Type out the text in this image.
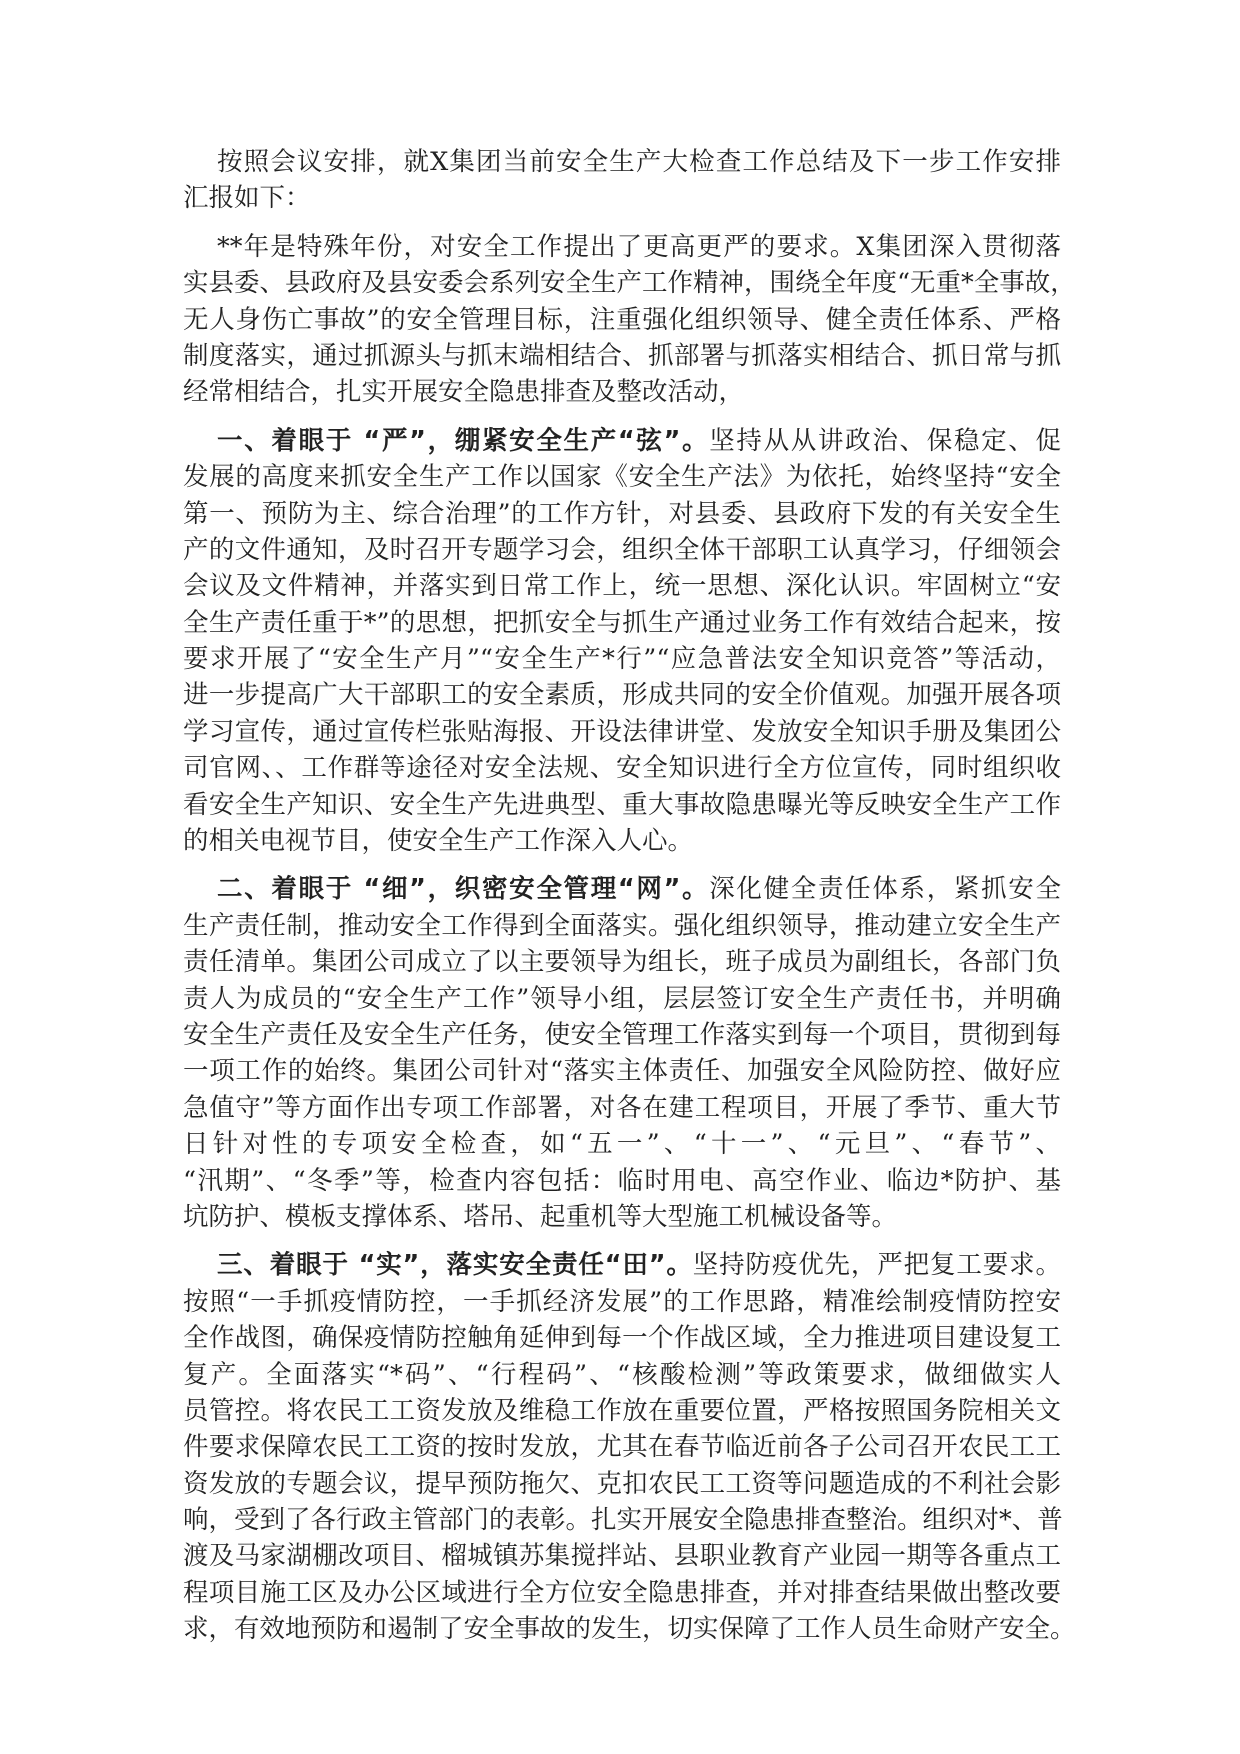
按照会议安排，就X集团当前安全生产大检查工作总结及下一步工作安排
汇报如下：
**年是特殊年份，对安全工作提出了更高更严的要求。X集团深入贯彻落
实县委、县政府及县安委会系列安全生产工作精神，围绕全年度“无重*全事故，
无人身伤亡事故”的安全管理目标，注重强化组织领导、健全责任体系、严格
制度落实，通过抓源头与抓末端相结合、抓部署与抓落实相结合、抓日常与抓
经常相结合，扎实开展安全隐患排查及整改活动，
一、着眼于 “严”，绷紧安全生产“弦”。坚持从从讲政治、保稳定、促
发展的高度来抓安全生产工作以国家《安全生产法》为依托，始终坚持“安全
第一、预防为主、综合治理”的工作方针，对县委、县政府下发的有关安全生
产的文件通知，及时召开专题学习会，组织全体干部职工认真学习，仔细领会
会议及文件精神，并落实到日常工作上，统一思想、深化认识。牢固树立“安
全生产责任重于*”的思想，把抓安全与抓生产通过业务工作有效结合起来，按
要求开展了“安全生产月”“安全生产*行”“应急普法安全知识竞答”等活动，
进一步提高广大干部职工的安全素质，形成共同的安全价值观。加强开展各项
学习宣传，通过宣传栏张贴海报、开设法律讲堂、发放安全知识手册及集团公
司官网、、工作群等途径对安全法规、安全知识进行全方位宣传，同时组织收
看安全生产知识、安全生产先进典型、重大事故隐患曝光等反映安全生产工作
的相关电视节目，使安全生产工作深入人心。
二、着眼于 “细”，织密安全管理“网”。深化健全责任体系，紧抓安全
生产责任制，推动安全工作得到全面落实。强化组织领导，推动建立安全生产
责任清单。集团公司成立了以主要领导为组长，班子成员为副组长，各部门负
责人为成员的“安全生产工作”领导小组，层层签订安全生产责任书，并明确
安全生产责任及安全生产任务，使安全管理工作落实到每一个项目，贯彻到每
一项工作的始终。集团公司针对“落实主体责任、加强安全风险防控、做好应
急值守”等方面作出专项工作部署，对各在建工程项目，开展了季节、重大节
日针对性的专项安全检查，如“五一”、“十一”、“元旦”、“春节”、
“汛期”、“冬季”等，检查内容包括：临时用电、高空作业、临边*防护、基
坑防护、模板支撑体系、塔吊、起重机等大型施工机械设备等。
三、着眼于 “实”，落实安全责任“田”。坚持防疫优先，严把复工要求。
按照“一手抓疫情防控，一手抓经济发展”的工作思路，精准绘制疫情防控安
全作战图，确保疫情防控触角延伸到每一个作战区域，全力推进项目建设复工
复产。全面落实“*码”、“行程码”、“核酸检测”等政策要求，做细做实人
员管控。将农民工工资发放及维稳工作放在重要位置，严格按照国务院相关文
件要求保障农民工工资的按时发放，尤其在春节临近前各子公司召开农民工工
资发放的专题会议，提早预防拖欠、克扣农民工工资等问题造成的不利社会影
响，受到了各行政主管部门的表彰。扎实开展安全隐患排查整治。组织对*、普
渡及马家湖棚改项目、榴城镇苏集搅拌站、县职业教育产业园一期等各重点工
程项目施工区及办公区域进行全方位安全隐患排查，并对排查结果做出整改要
求，有效地预防和遏制了安全事故的发生，切实保障了工作人员生命财产安全。
